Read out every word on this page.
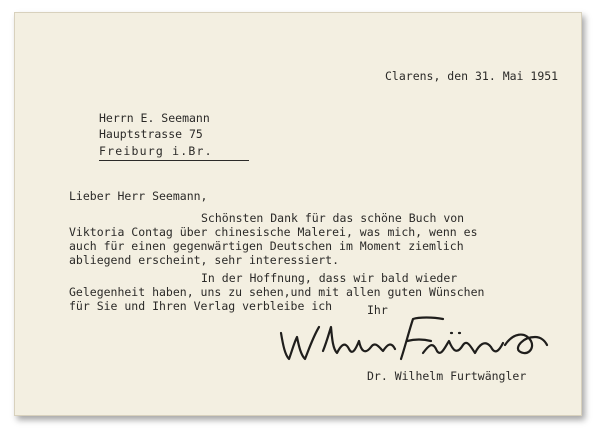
Clarens, den 31. Mai 1951
Herrn E. Seemann
Hauptstrasse 75
Freiburg i.Br.
Lieber Herr Seemann,
Schönsten Dank für das schöne Buch von
Viktoria Contag über chinesische Malerei, was mich, wenn es
auch für einen gegenwärtigen Deutschen im Moment ziemlich
abliegend erscheint, sehr interessiert.
In der Hoffnung, dass wir bald wieder
Gelegenheit haben, uns zu sehen,und mit allen guten Wünschen
für Sie und Ihren Verlag verbleibe ich	Ihr
Dr. Wilhelm Furtwängler
